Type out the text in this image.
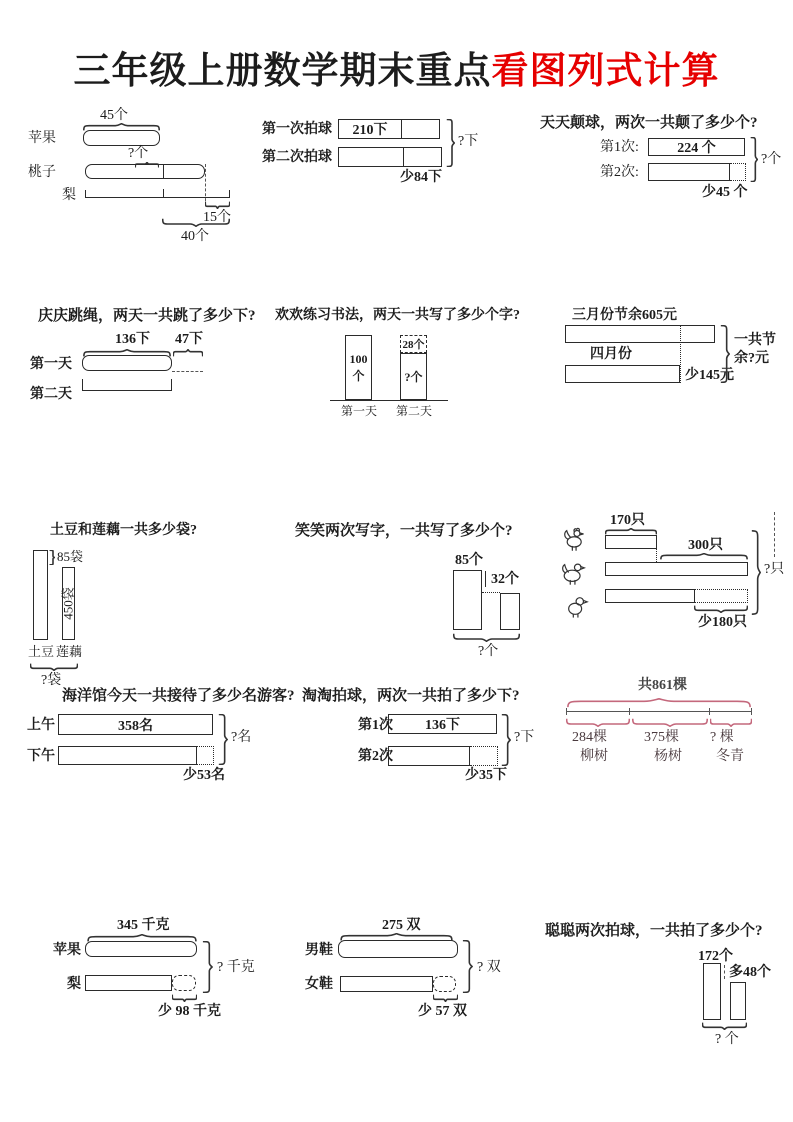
三年级上册数学期末重点看图列式计算
45个
苹果
?个
桃子
梨
15个
40个
第一次拍球	210下
第二次拍球
?下
少84下
天天颠球，两次一共颠了多少个?
第1次:	224 个
第2次:
?个
少45 个
庆庆跳绳，两天一共跳了多少下?
136下 47下
第一天
第二天
欢欢练习书法，两天一共写了多少个字?
100个
28个
?个
第一天 第二天
三月份节余605元
四月份
少145元
一共节
余?元
土豆和莲藕一共多少袋?
85袋
450袋
土豆 莲藕
?袋
笑笑两次写字，一共写了多少个?
85个
32个
?个
170只
300只
少180只
?只
海洋馆今天一共接待了多少名游客?
上午	358名
下午
?名
少53名
淘淘拍球，两次一共拍了多少下?
第1次 136下
第2次
?下
少35下
共861棵
284棵	375棵 ? 棵
柳树	杨树 冬青
345 千克
苹果
梨
? 千克
少 98 千克
275 双
男鞋
女鞋
? 双
少 57 双
聪聪两次拍球，一共拍了多少个?
172个
多48个
? 个
